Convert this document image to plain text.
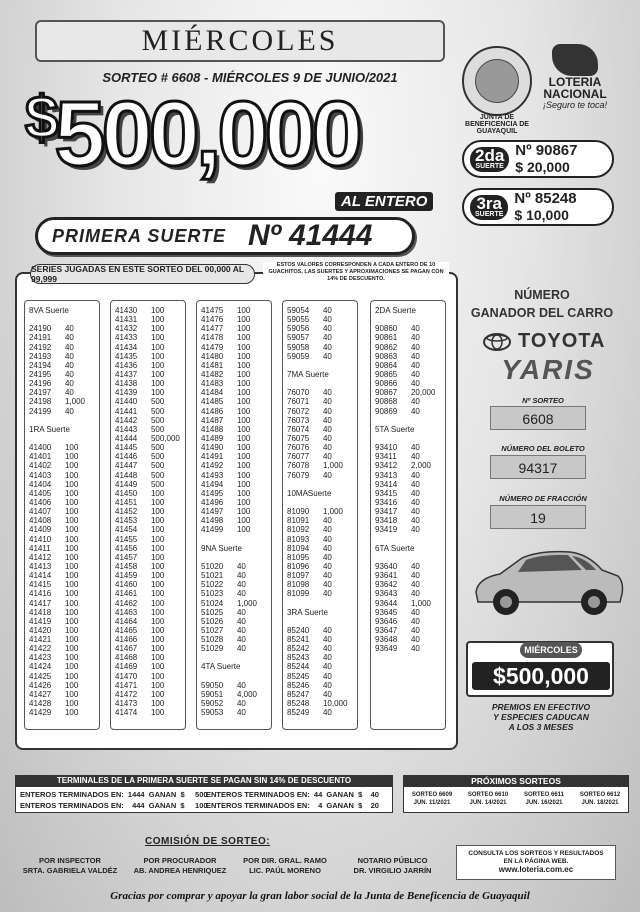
MIÉRCOLES
SORTEO # 6608 - MIÉRCOLES 9 DE JUNIO/2021
$500,000
AL ENTERO
PRIMERA SUERTE Nº 41444
JUNTA DE BENEFICENCIA DE GUAYAQUIL
LOTERIA
NACIONAL
¡Seguro te toca!
2da
SUERTE
Nº 90867
$ 20,000
3ra
SUERTE
Nº 85248
$ 10,000
SERIES JUGADAS EN ESTE SORTEO DEL 00,000 AL 99,999
ESTOS VALORES CORRESPONDEN A CADA ENTERO DE 10 GUACHITOS, LAS SUERTES Y APROXIMACIONES SE PAGAN CON 14% DE DESCUENTO.
8VA Suerte
24190	40
24191	40
24192	40
24193	40
24194	40
24195	40
24196	40
24197	40
24198	1,000
24199	40
1RA Suerte
41400	100
41401	100
41402	100
41403	100
41404	100
41405	100
41406	100
41407	100
41408	100
41409	100
41410	100
41411	100
41412	100
41413	100
41414	100
41415	100
41416	100
41417	100
41418	100
41419	100
41420	100
41421	100
41422	100
41423	100
41424	100
41425	100
41426	100
41427	100
41428	100
41429	100
41430	100
41431	100
41432	100
41433	100
41434	100
41435	100
41436	100
41437	100
41438	100
41439	100
41440	500
41441	500
41442	500
41443	500
41444	500,000
41445	500
41446	500
41447	500
41448	500
41449	500
41450	100
41451	100
41452	100
41453	100
41454	100
41455	100
41456	100
41457	100
41458	100
41459	100
41460	100
41461	100
41462	100
41463	100
41464	100
41465	100
41466	100
41467	100
41468	100
41469	100
41470	100
41471	100
41472	100
41473	100
41474	100
41475	100
41476	100
41477	100
41478	100
41479	100
41480	100
41481	100
41482	100
41483	100
41484	100
41485	100
41486	100
41487	100
41488	100
41489	100
41490	100
41491	100
41492	100
41493	100
41494	100
41495	100
41496	100
41497	100
41498	100
41499	100
9NA Suerte
51020	40
51021	40
51022	40
51023	40
51024	1,000
51025	40
51026	40
51027	40
51028	40
51029	40
4TA Suerte
59050	40
59051	4,000
59052	40
59053	40
59054	40
59055	40
59056	40
59057	40
59058	40
59059	40
7MA Suerte
76070	40
76071	40
76072	40
76073	40
76074	40
76075	40
76076	40
76077	40
76078	1,000
76079	40
10MASuerte
81090	1,000
81091	40
81092	40
81093	40
81094	40
81095	40
81096	40
81097	40
81098	40
81099	40
3RA Suerte
85240	40
85241	40
85242	40
85243	40
85244	40
85245	40
85246	40
85247	40
85248	10,000
85249	40
2DA Suerte
90860	40
90861	40
90862	40
90863	40
90864	40
90865	40
90866	40
90867	20,000
90868	40
90869	40
5TA Suerte
93410	40
93411	40
93412	2,000
93413	40
93414	40
93415	40
93416	40
93417	40
93418	40
93419	40
6TA Suerte
93640	40
93641	40
93642	40
93643	40
93644	1,000
93645	40
93646	40
93647	40
93648	40
93649	40
NÚMERO
GANADOR DEL CARRO
TOYOTA
YARIS
Nº SORTEO
6608
NÚMERO DEL BOLETO
94317
NÚMERO DE FRACCIÓN
19
MIÉRCOLES
$500,000
PREMIOS EN EFECTIVO
Y ESPECIES CADUCAN
A LOS 3 MESES
TERMINALES DE LA PRIMERA SUERTE SE PAGAN SIN 14% DE DESCUENTO
ENTEROS TERMINADOS EN:  1444  GANAN  $     500
ENTEROS TERMINADOS EN:  44  GANAN  $    40
ENTEROS TERMINADOS EN:    444  GANAN  $     100
ENTEROS TERMINADOS EN:    4  GANAN  $    20
PRÓXIMOS SORTEOS
SORTEO 6609
JUN. 11/2021
SORTEO 6610
JUN. 14/2021
SORTEO 6611
JUN. 16/2021
SORTEO 6612
JUN. 18/2021
COMISIÓN DE SORTEO:
POR INSPECTOR
SRTA. GABRIELA VALDÉZ
POR PROCURADOR
AB. ANDREA HENRIQUEZ
POR DIR. GRAL. RAMO
LIC. PAÚL MORENO
NOTARIO PÚBLICO
DR. VIRGILIO JARRÍN
CONSULTA LOS SORTEOS Y RESULTADOS
EN LA PÁGINA WEB.
www.loteria.com.ec
Gracias por comprar y apoyar la gran labor social de la Junta de Beneficencia de Guayaquil
